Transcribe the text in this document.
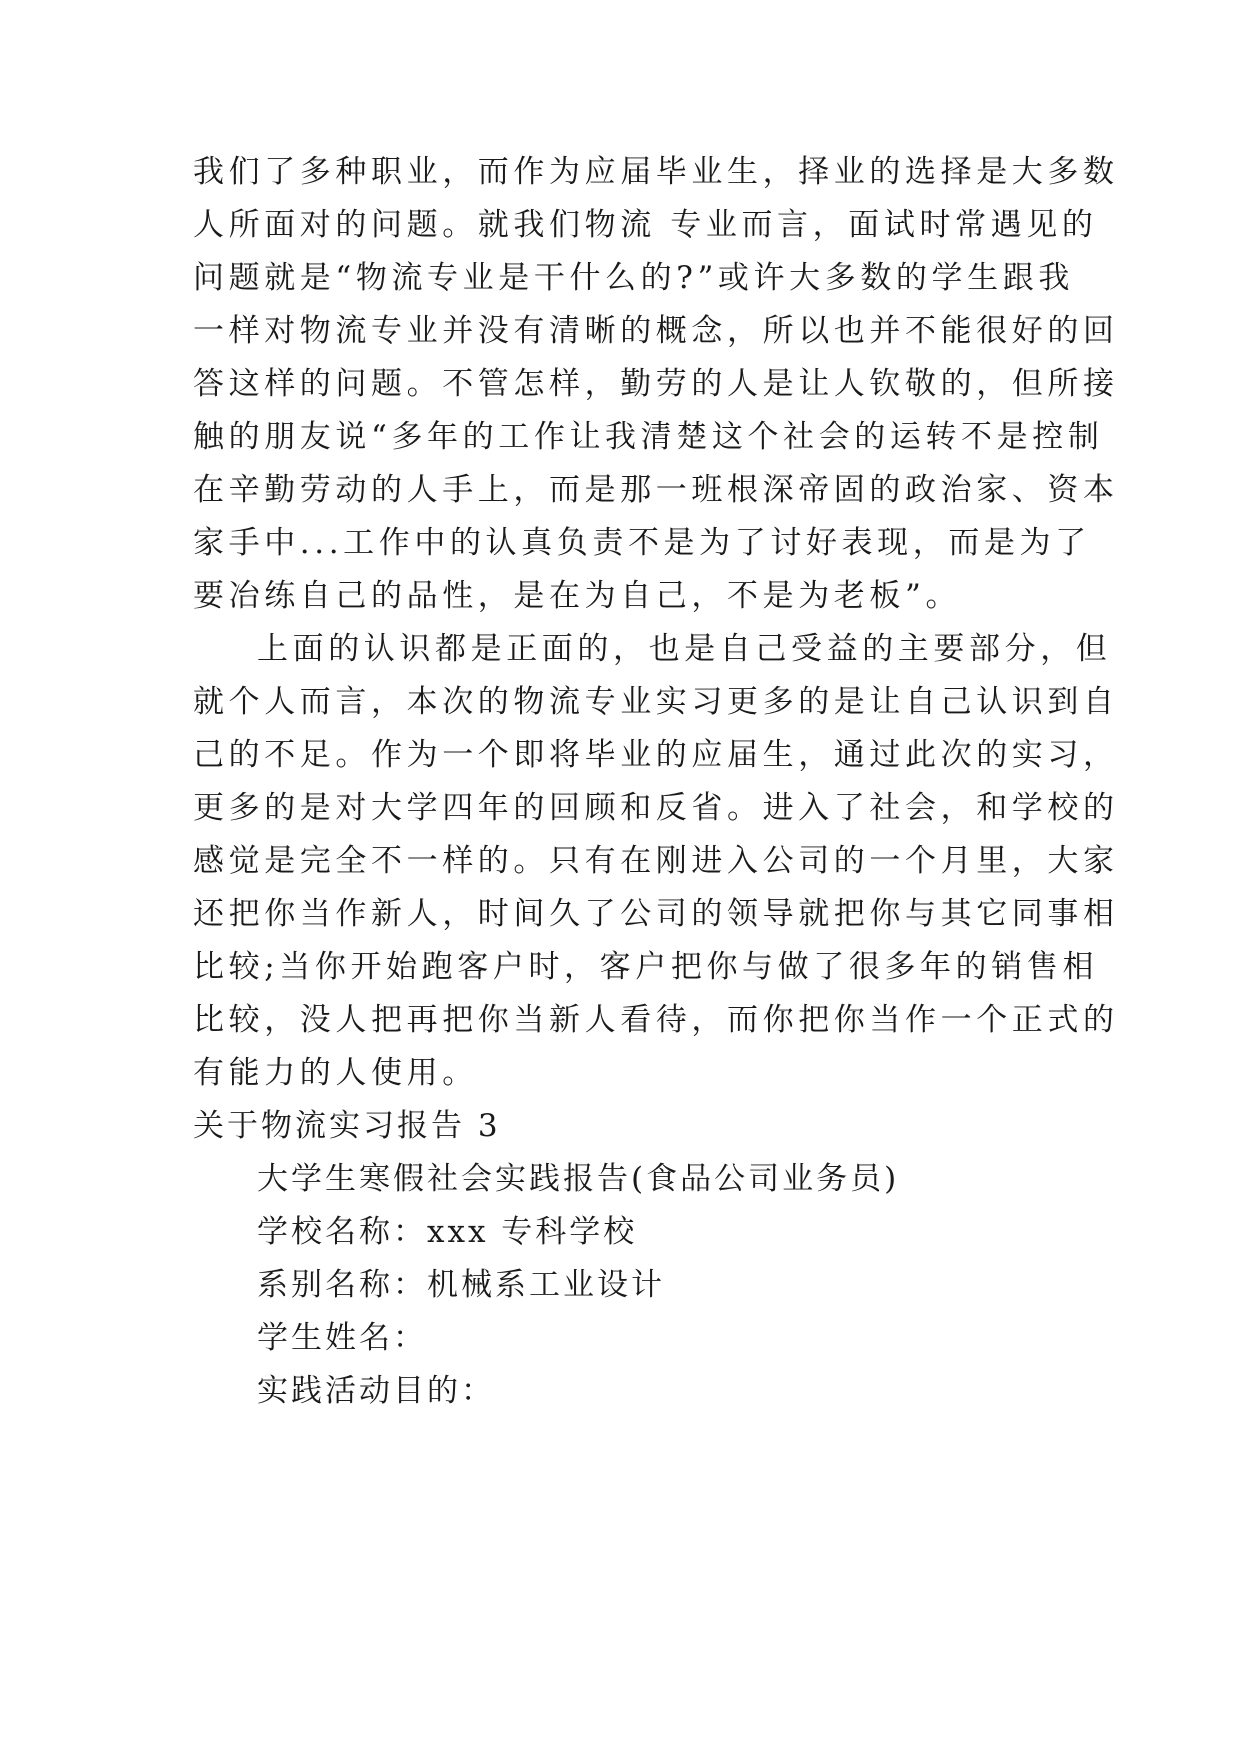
我们了多种职业，而作为应届毕业生，择业的选择是大多数
人所面对的问题。就我们物流 专业而言，面试时常遇见的
问题就是“物流专业是干什么的?”或许大多数的学生跟我
一样对物流专业并没有清晰的概念，所以也并不能很好的回
答这样的问题。不管怎样，勤劳的人是让人钦敬的，但所接
触的朋友说“多年的工作让我清楚这个社会的运转不是控制
在辛勤劳动的人手上，而是那一班根深帝固的政治家、资本
家手中...工作中的认真负责不是为了讨好表现，而是为了
要冶练自己的品性，是在为自己，不是为老板”。
上面的认识都是正面的，也是自己受益的主要部分，但
就个人而言，本次的物流专业实习更多的是让自己认识到自
己的不足。作为一个即将毕业的应届生，通过此次的实习，
更多的是对大学四年的回顾和反省。进入了社会，和学校的
感觉是完全不一样的。只有在刚进入公司的一个月里，大家
还把你当作新人，时间久了公司的领导就把你与其它同事相
比较;当你开始跑客户时，客户把你与做了很多年的销售相
比较，没人把再把你当新人看待，而你把你当作一个正式的
有能力的人使用。
关于物流实习报告 3
大学生寒假社会实践报告(食品公司业务员)
学校名称：xxx 专科学校
系别名称：机械系工业设计
学生姓名：
实践活动目的：
